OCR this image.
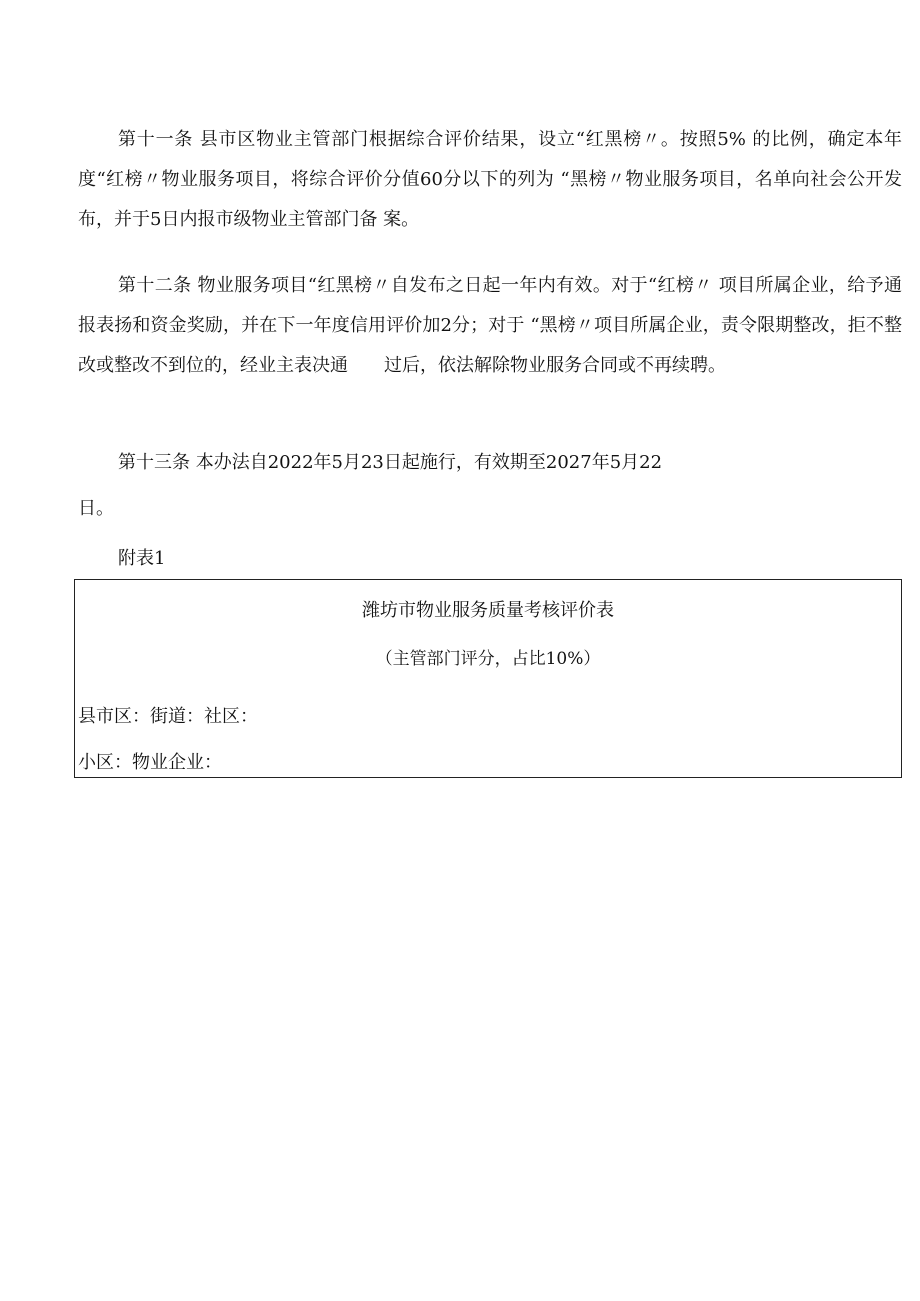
第十一条 县市区物业主管部门根据综合评价结果，设立“红黑榜〃。按照5% 的比例，确定本年度“红榜〃物业服务项目，将综合评价分值60分以下的列为 “黑榜〃物业服务项目，名单向社会公开发布，并于5日内报市级物业主管部门备 案。

第十二条 物业服务项目“红黑榜〃自发布之日起一年内有效。对于“红榜〃 项目所属企业，给予通报表扬和资金奖励，并在下一年度信用评价加2分；对于 “黑榜〃项目所属企业，责令限期整改，拒不整改或整改不到位的，经业主表决通　　过后，依法解除物业服务合同或不再续聘。

第十三条 本办法自2022年5月23日起施行，有效期至2027年5月22

日。

附表1

潍坊市物业服务质量考核评价表
（主管部门评分，占比10%）
县市区：街道：社区：
小区：物业企业：
